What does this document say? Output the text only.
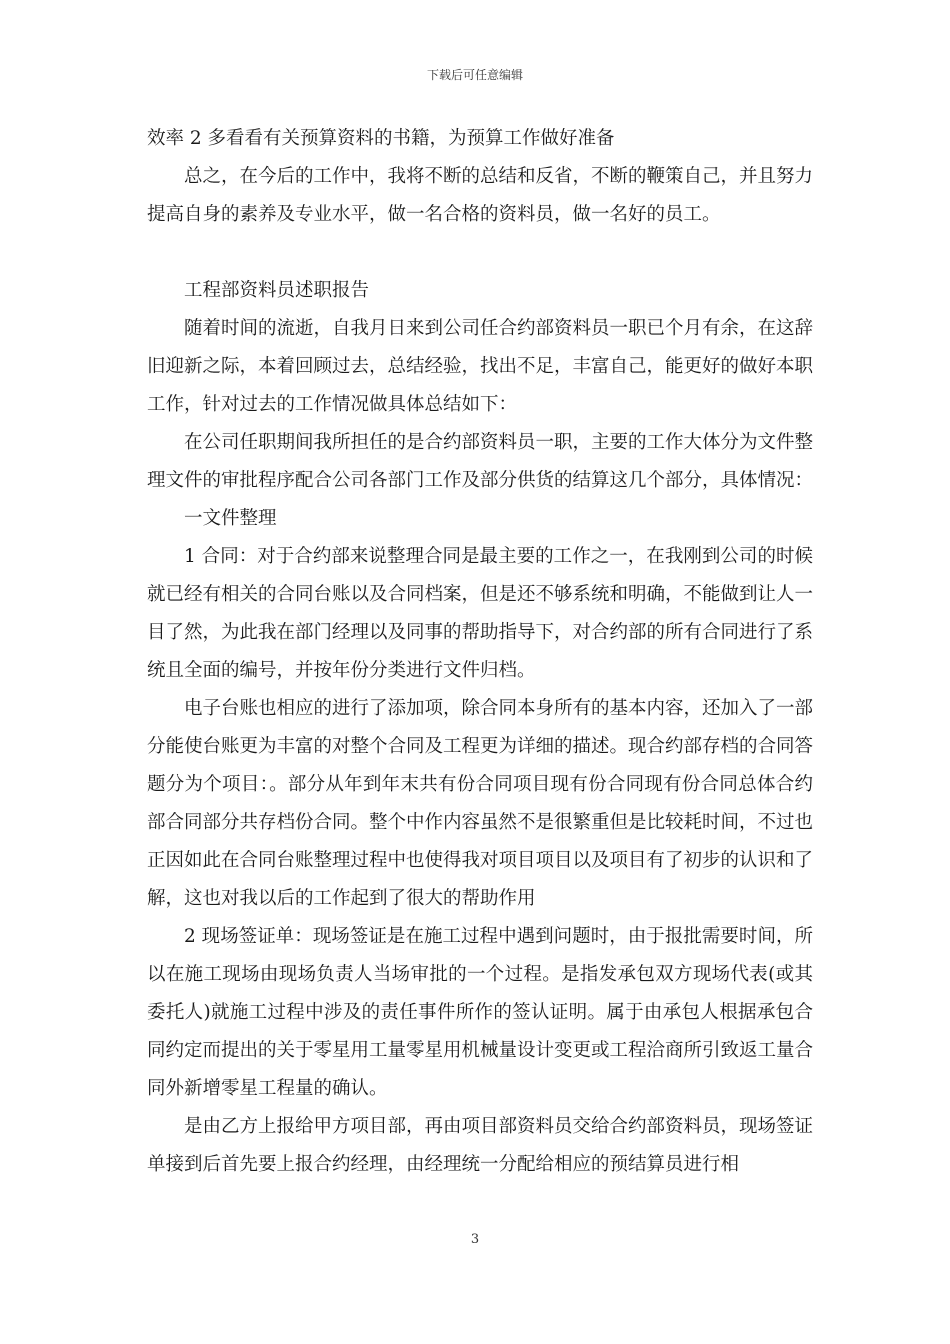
下载后可任意编辑

效率 2 多看看有关预算资料的书籍，为预算工作做好准备

总之，在今后的工作中，我将不断的总结和反省，不断的鞭策自己，并且努力提高自身的素养及专业水平，做一名合格的资料员，做一名好的员工。

工程部资料员述职报告

随着时间的流逝，自我月日来到公司任合约部资料员一职已个月有余，在这辞旧迎新之际，本着回顾过去，总结经验，找出不足，丰富自己，能更好的做好本职工作，针对过去的工作情况做具体总结如下：

在公司任职期间我所担任的是合约部资料员一职，主要的工作大体分为文件整理文件的审批程序配合公司各部门工作及部分供货的结算这几个部分，具体情况：

一文件整理

1 合同：对于合约部来说整理合同是最主要的工作之一，在我刚到公司的时候就已经有相关的合同台账以及合同档案，但是还不够系统和明确，不能做到让人一目了然，为此我在部门经理以及同事的帮助指导下，对合约部的所有合同进行了系统且全面的编号，并按年份分类进行文件归档。

电子台账也相应的进行了添加项，除合同本身所有的基本内容，还加入了一部分能使台账更为丰富的对整个合同及工程更为详细的描述。现合约部存档的合同答题分为个项目：。部分从年到年末共有份合同项目现有份合同现有份合同总体合约部合同部分共存档份合同。整个中作内容虽然不是很繁重但是比较耗时间，不过也正因如此在合同台账整理过程中也使得我对项目项目以及项目有了初步的认识和了解，这也对我以后的工作起到了很大的帮助作用

2 现场签证单：现场签证是在施工过程中遇到问题时，由于报批需要时间，所以在施工现场由现场负责人当场审批的一个过程。是指发承包双方现场代表(或其委托人)就施工过程中涉及的责任事件所作的签认证明。属于由承包人根据承包合同约定而提出的关于零星用工量零星用机械量设计变更或工程洽商所引致返工量合同外新增零星工程量的确认。

是由乙方上报给甲方项目部，再由项目部资料员交给合约部资料员，现场签证单接到后首先要上报合约经理，由经理统一分配给相应的预结算员进行相

3
